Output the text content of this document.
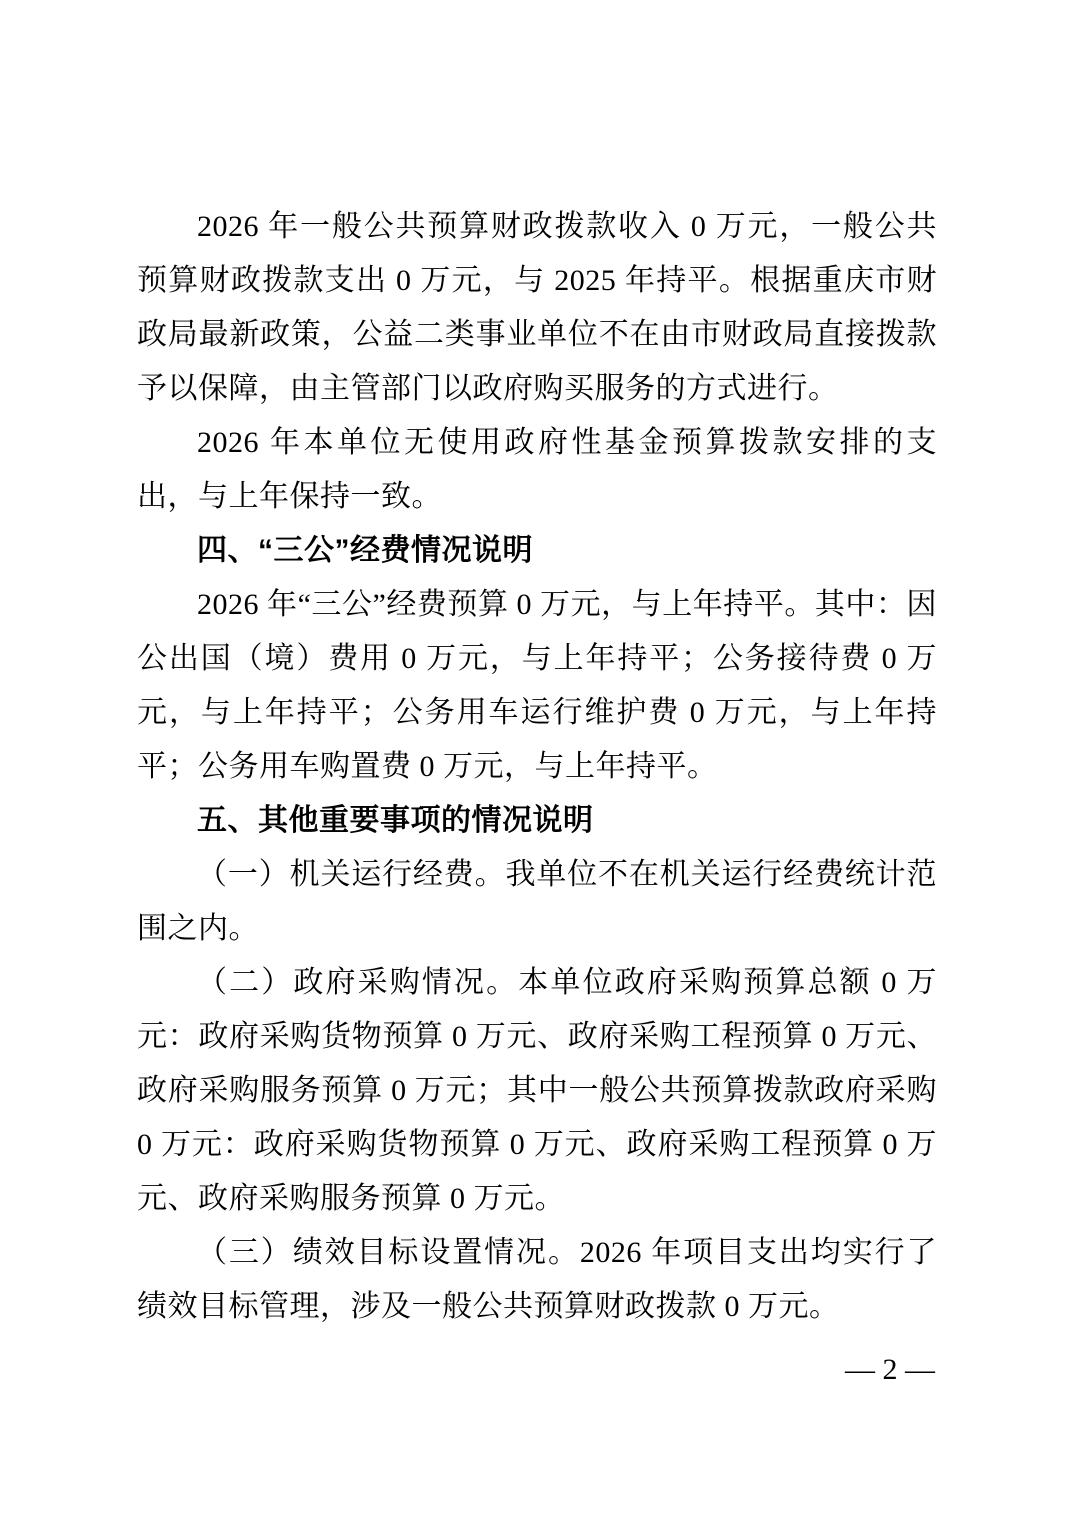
2026 年一般公共预算财政拨款收入 0 万元，一般公共预算财政拨款支出 0 万元，与 2025 年持平。根据重庆市财政局最新政策，公益二类事业单位不在由市财政局直接拨款予以保障，由主管部门以政府购买服务的方式进行。

2026 年本单位无使用政府性基金预算拨款安排的支出，与上年保持一致。

四、“三公”经费情况说明

2026 年“三公”经费预算 0 万元，与上年持平。其中：因公出国（境）费用 0 万元，与上年持平；公务接待费 0 万元，与上年持平；公务用车运行维护费 0 万元，与上年持平；公务用车购置费 0 万元，与上年持平。

五、其他重要事项的情况说明

（一）机关运行经费。我单位不在机关运行经费统计范围之内。

（二）政府采购情况。本单位政府采购预算总额 0 万元：政府采购货物预算 0 万元、政府采购工程预算 0 万元、政府采购服务预算 0 万元；其中一般公共预算拨款政府采购 0 万元：政府采购货物预算 0 万元、政府采购工程预算 0 万元、政府采购服务预算 0 万元。

（三）绩效目标设置情况。2026 年项目支出均实行了绩效目标管理，涉及一般公共预算财政拨款 0 万元。

— 2 —
